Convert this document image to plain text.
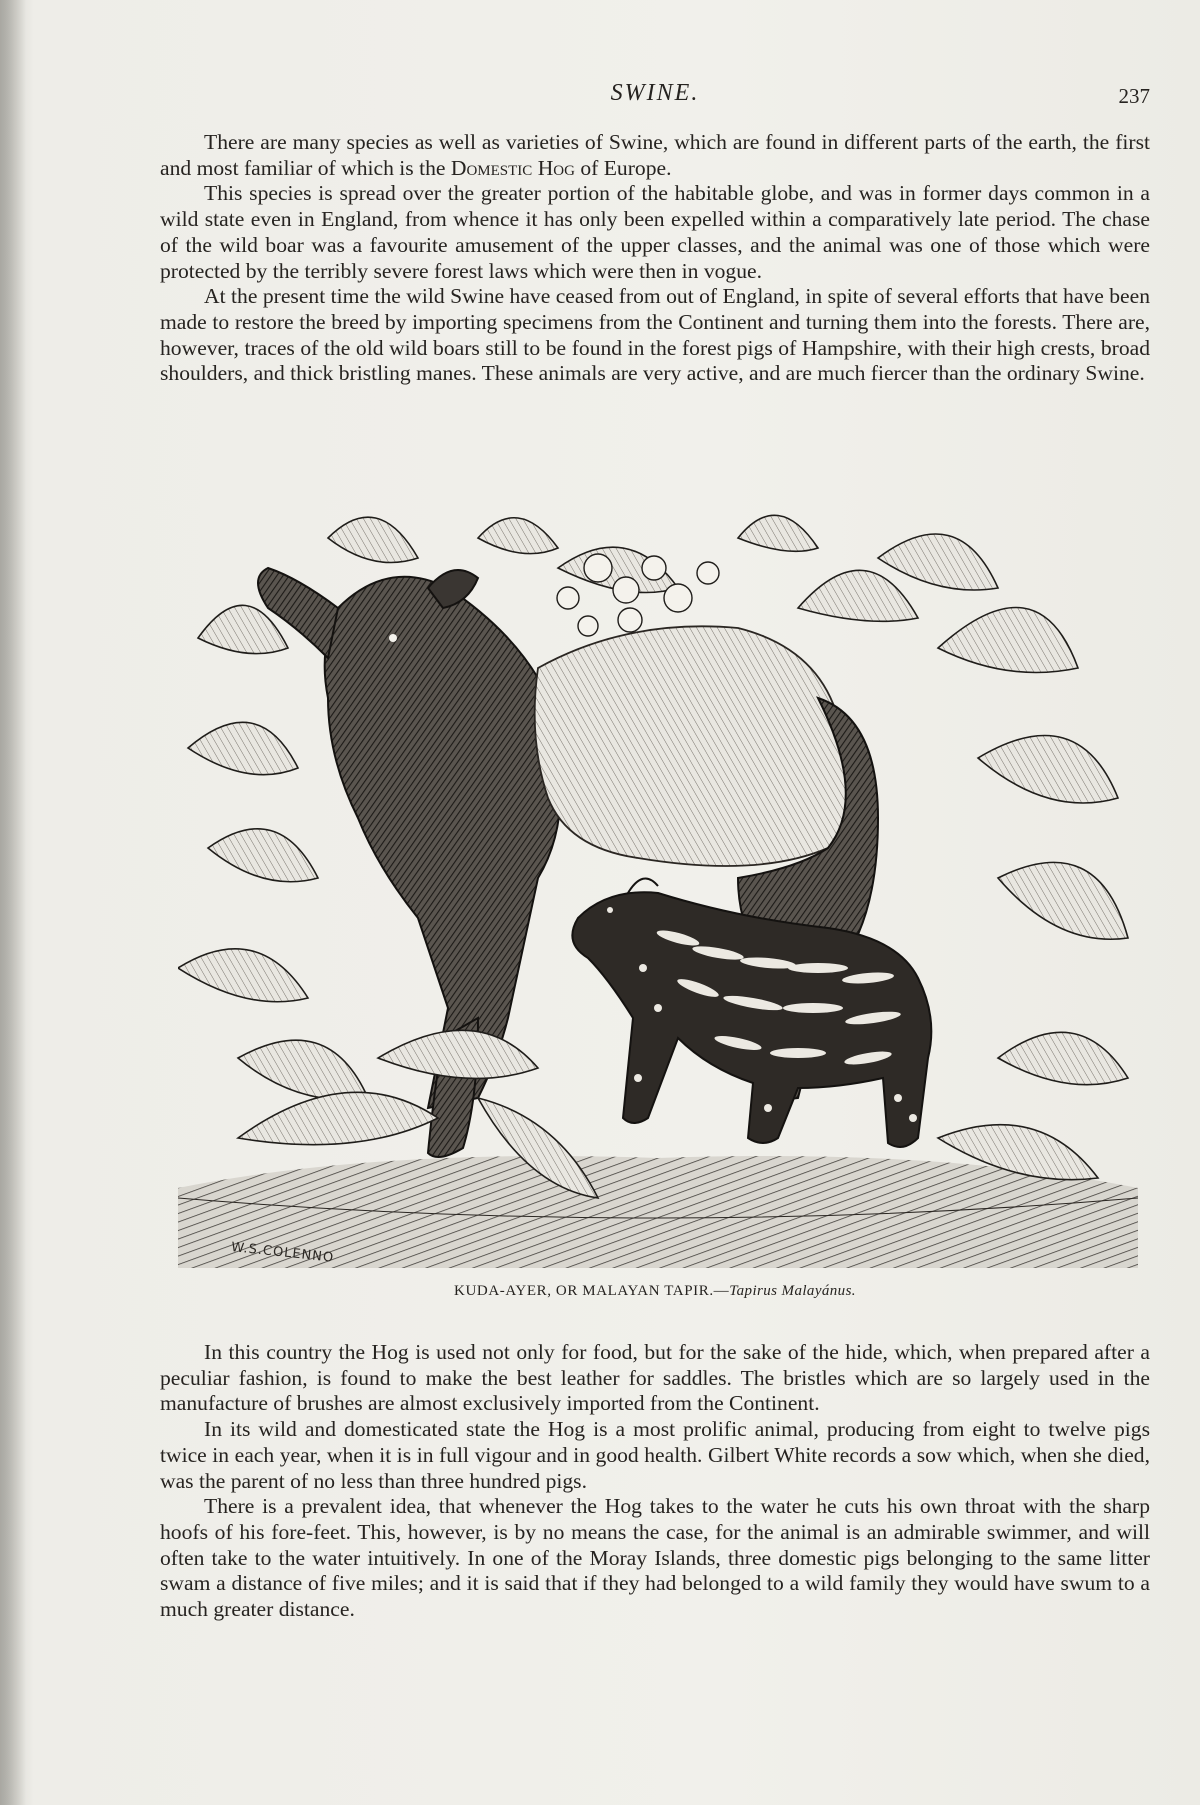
SWINE.	237

There are many species as well as varieties of Swine, which are found in different parts of the earth, the first and most familiar of which is the Domestic Hog of Europe.

This species is spread over the greater portion of the habitable globe, and was in former days common in a wild state even in England, from whence it has only been expelled within a comparatively late period. The chase of the wild boar was a favourite amusement of the upper classes, and the animal was one of those which were protected by the terribly severe forest laws which were then in vogue.

At the present time the wild Swine have ceased from out of England, in spite of several efforts that have been made to restore the breed by importing specimens from the Continent and turning them into the forests. There are, however, traces of the old wild boars still to be found in the forest pigs of Hampshire, with their high crests, broad shoulders, and thick bristling manes. These animals are very active, and are much fiercer than the ordinary Swine.

W.S.COLENNO
KUDA-AYER, OR MALAYAN TAPIR.—Tapirus Malayánus.

In this country the Hog is used not only for food, but for the sake of the hide, which, when prepared after a peculiar fashion, is found to make the best leather for saddles. The bristles which are so largely used in the manufacture of brushes are almost exclusively imported from the Continent.

In its wild and domesticated state the Hog is a most prolific animal, producing from eight to twelve pigs twice in each year, when it is in full vigour and in good health. Gilbert White records a sow which, when she died, was the parent of no less than three hundred pigs.

There is a prevalent idea, that whenever the Hog takes to the water he cuts his own throat with the sharp hoofs of his fore-feet. This, however, is by no means the case, for the animal is an admirable swimmer, and will often take to the water intuitively. In one of the Moray Islands, three domestic pigs belonging to the same litter swam a distance of five miles; and it is said that if they had belonged to a wild family they would have swum to a much greater distance.
